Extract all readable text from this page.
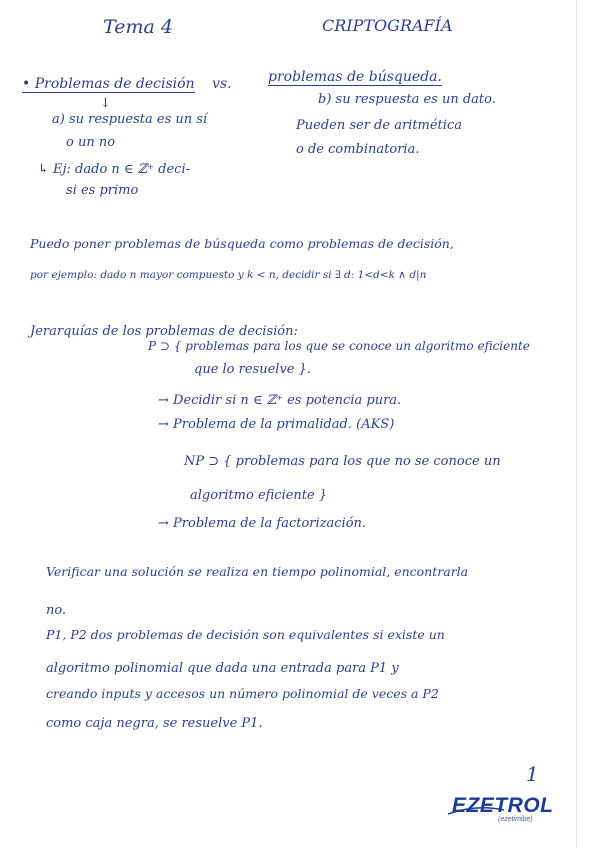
Tema 4	CRIPTOGRAFÍA
• Problemas de decisión vs.	problemas de búsqueda.
↓
a) su respuesta es un sí
o un no
↳ Ej: dado n ∈ ℤ⁺ deci-
si es primo
b) su respuesta es un dato.
Pueden ser de aritmética
o de combinatoria.
Puedo poner problemas de búsqueda como problemas de decisión,
por ejemplo: dado n mayor compuesto y k < n, decidir si ∃ d: 1<d<k ∧ d|n
Jerarquías de los problemas de decisión:
P ⊃ { problemas para los que se conoce un algoritmo eficiente
que lo resuelve }.
→ Decidir si n ∈ ℤ⁺ es potencia pura.
→ Problema de la primalidad. (AKS)
NP ⊃ { problemas para los que no se conoce un
algoritmo eficiente }
→ Problema de la factorización.
Verificar una solución se realiza en tiempo polinomial, encontrarla
no.
P1, P2 dos problemas de decisión son equivalentes si existe un
algoritmo polinomial que dada una entrada para P1 y
creando inputs y accesos un número polinomial de veces a P2
como caja negra, se resuelve P1.
1
EZETROL
(ezetimibe)
